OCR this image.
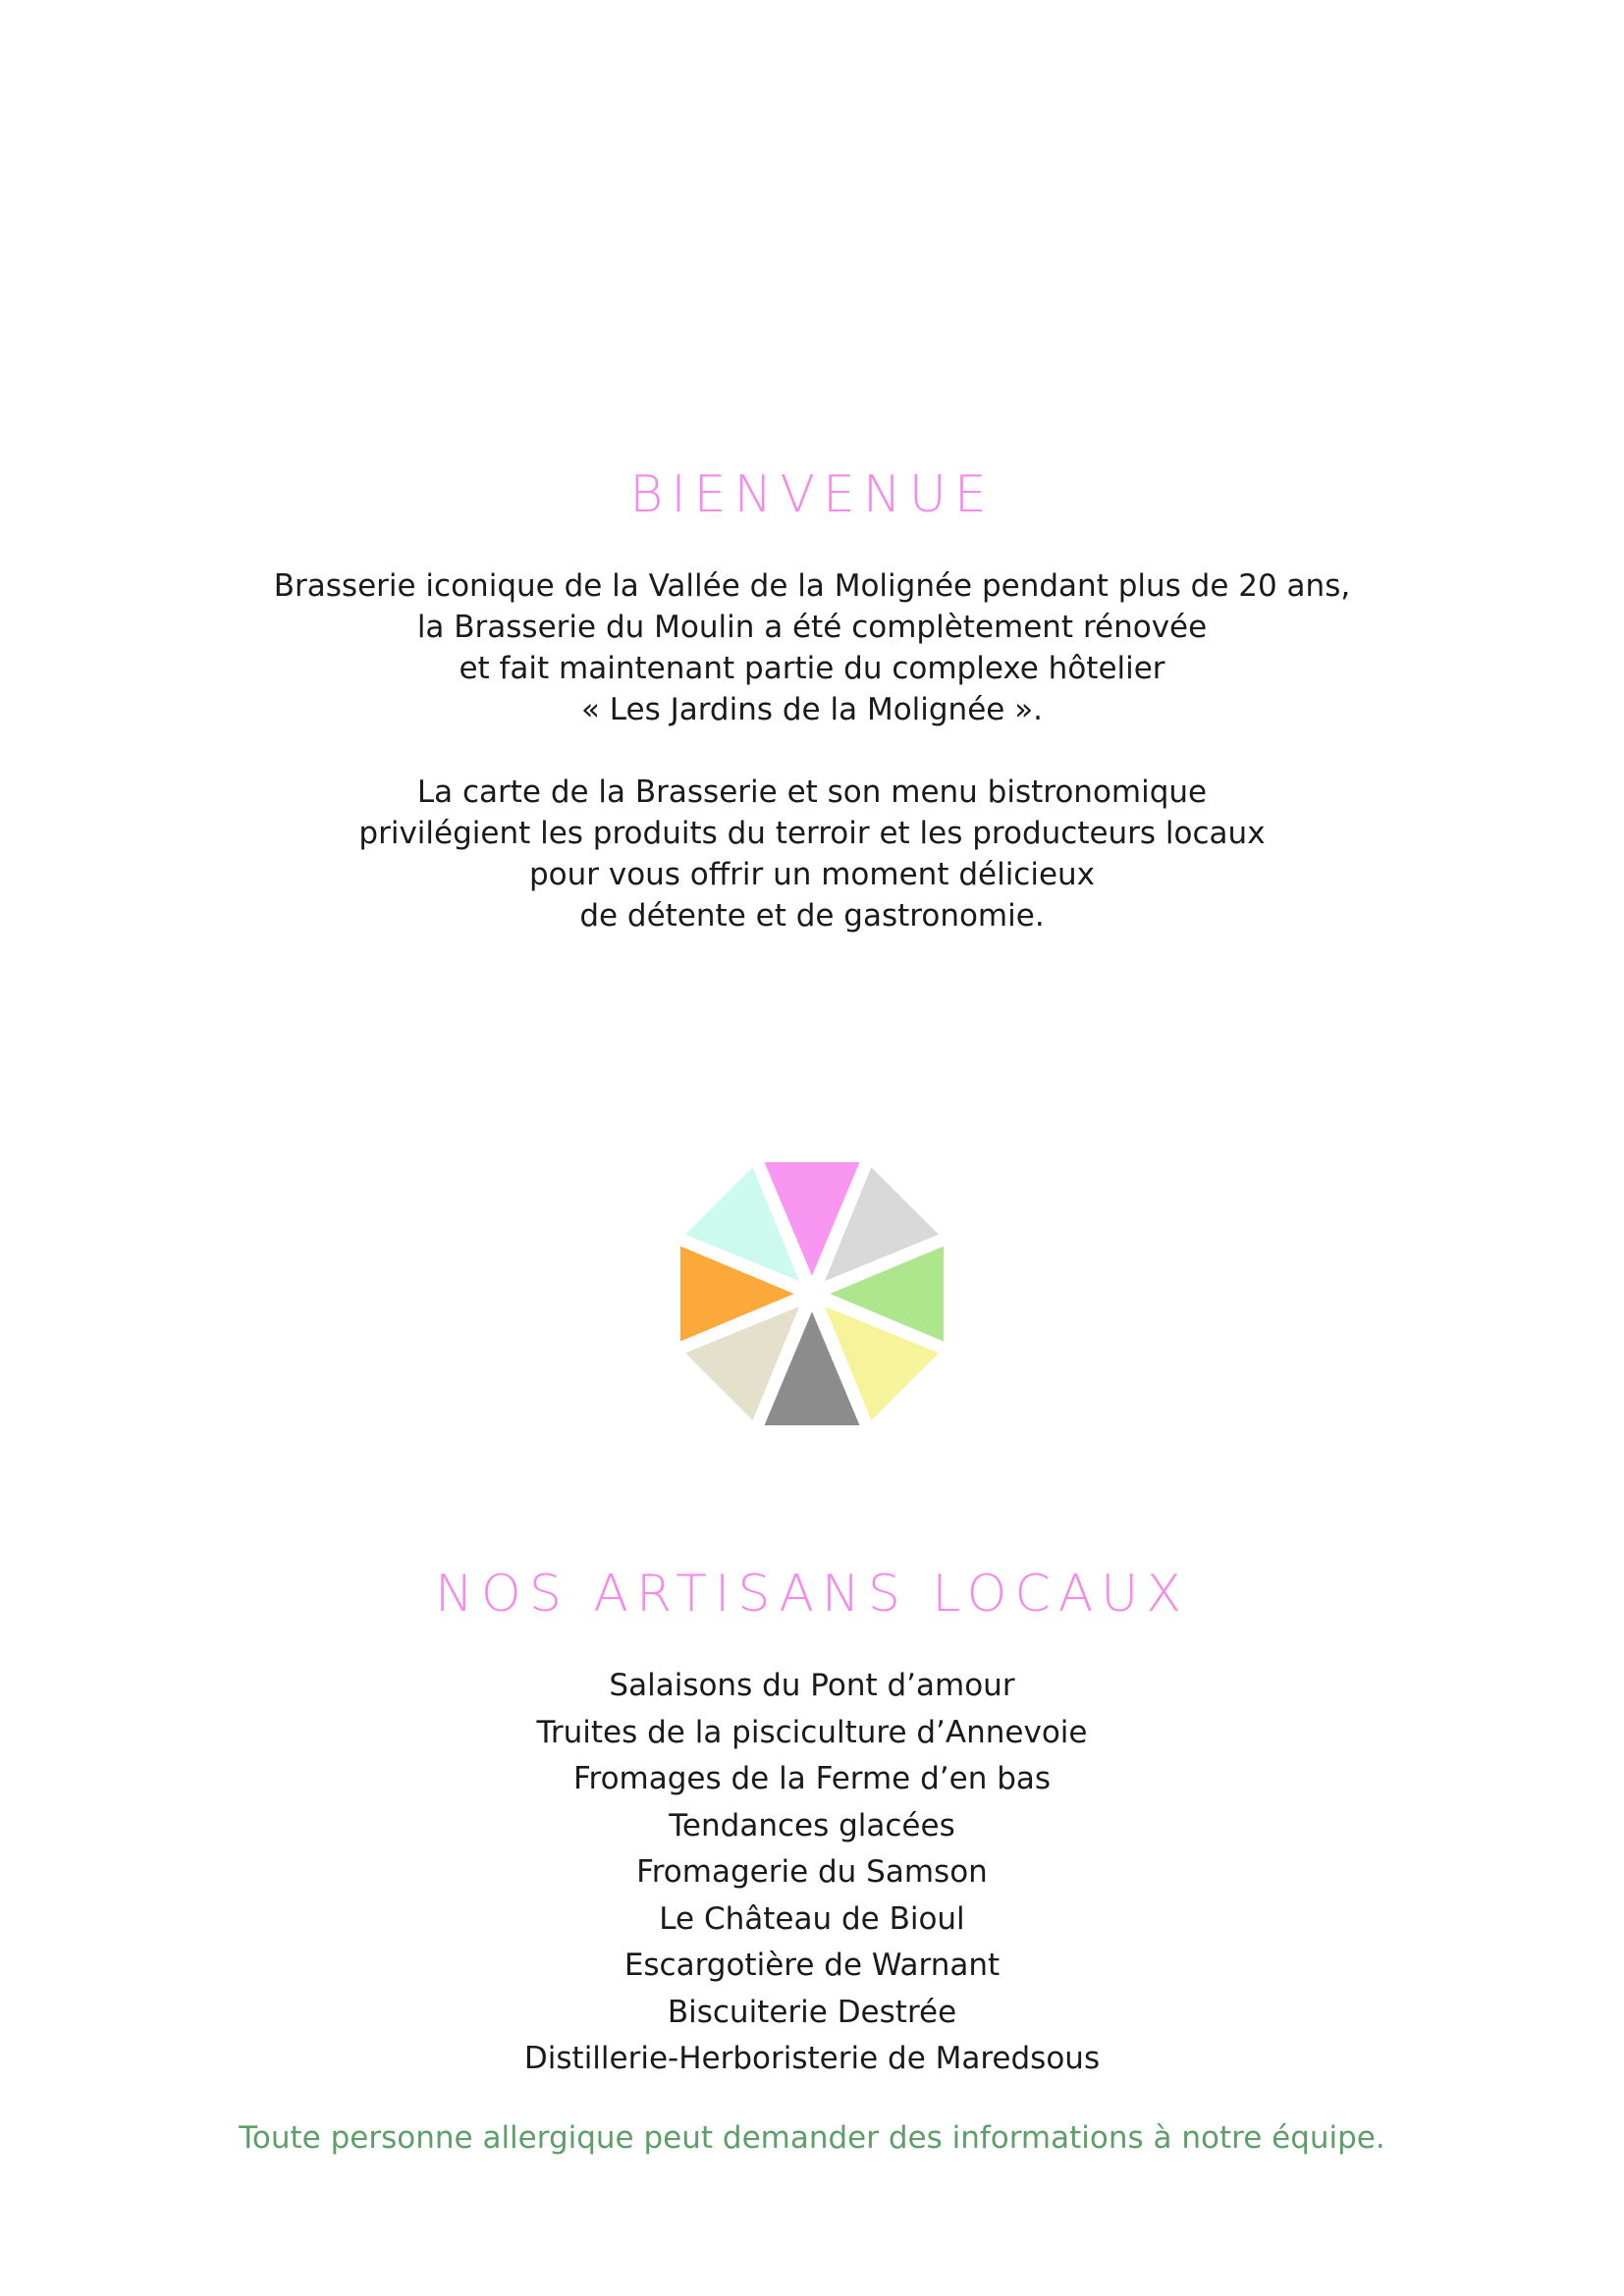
BIENVENUE

Brasserie iconique de la Vallée de la Molignée pendant plus de 20 ans,
la Brasserie du Moulin a été complètement rénovée
et fait maintenant partie du complexe hôtelier
« Les Jardins de la Molignée ».

La carte de la Brasserie et son menu bistronomique
privilégient les produits du terroir et les producteurs locaux
pour vous offrir un moment délicieux
de détente et de gastronomie.

NOS ARTISANS LOCAUX
Salaisons du Pont d’amour
Truites de la pisciculture d’Annevoie
Fromages de la Ferme d’en bas
Tendances glacées
Fromagerie du Samson
Le Château de Bioul
Escargotière de Warnant
Biscuiterie Destrée
Distillerie-Herboristerie de Maredsous

Toute personne allergique peut demander des informations à notre équipe.
